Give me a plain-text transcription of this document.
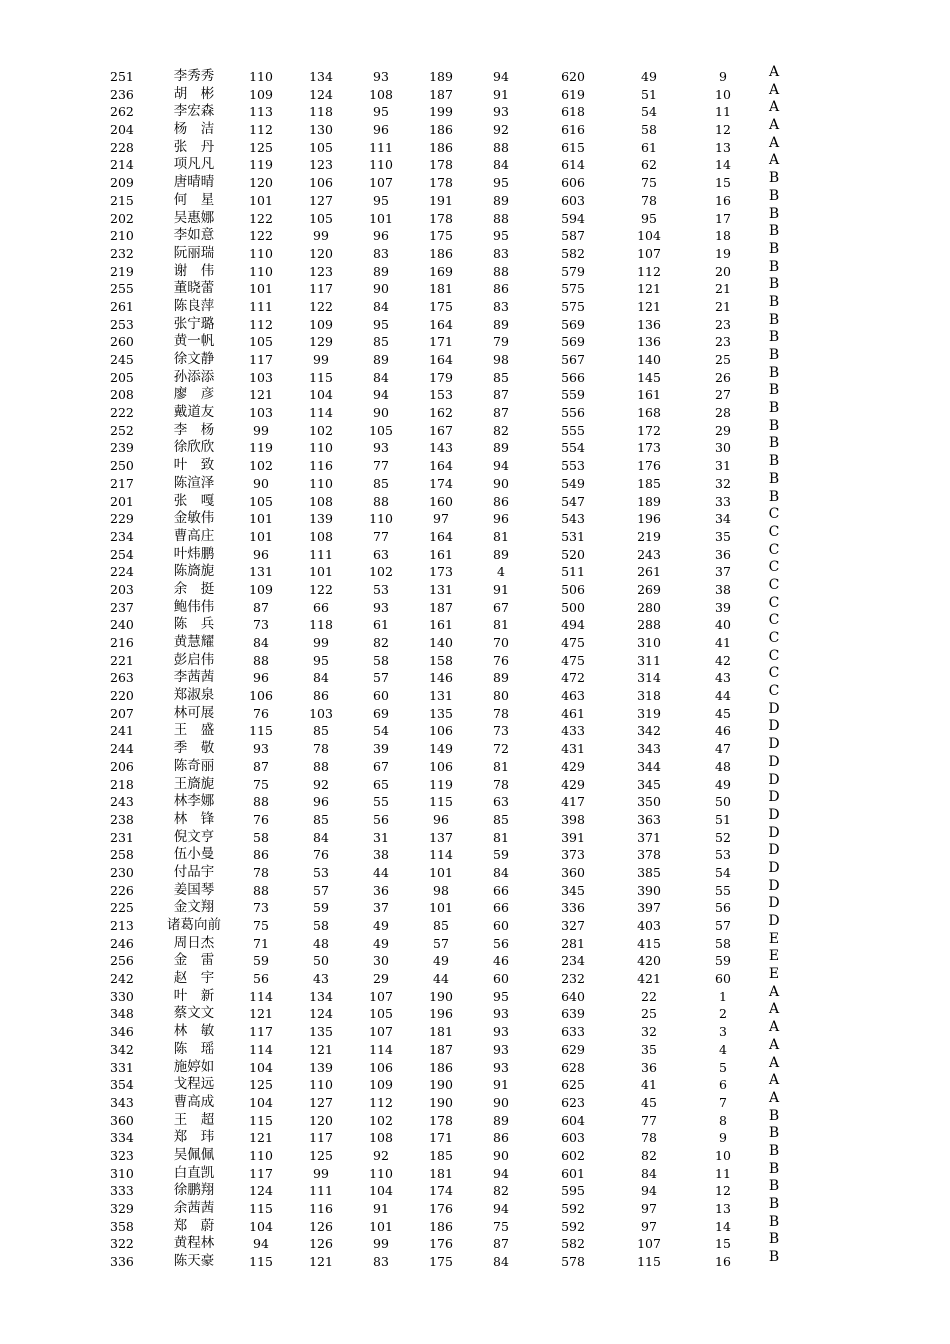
251	李秀秀	110	134	93	189	94	620	49	9	A
236	胡　彬	109	124	108	187	91	619	51	10	A
262	李宏森	113	118	95	199	93	618	54	11	A
204	杨　洁	112	130	96	186	92	616	58	12	A
228	张　丹	125	105	111	186	88	615	61	13	A
214	项凡凡	119	123	110	178	84	614	62	14	A
209	唐晴晴	120	106	107	178	95	606	75	15	B
215	何　星	101	127	95	191	89	603	78	16	B
202	吴惠娜	122	105	101	178	88	594	95	17	B
210	李如意	122	99	96	175	95	587	104	18	B
232	阮丽瑞	110	120	83	186	83	582	107	19	B
219	谢　伟	110	123	89	169	88	579	112	20	B
255	董晓蕾	101	117	90	181	86	575	121	21	B
261	陈良萍	111	122	84	175	83	575	121	21	B
253	张宁璐	112	109	95	164	89	569	136	23	B
260	黄一帆	105	129	85	171	79	569	136	23	B
245	徐文静	117	99	89	164	98	567	140	25	B
205	孙添添	103	115	84	179	85	566	145	26	B
208	廖　彦	121	104	94	153	87	559	161	27	B
222	戴道友	103	114	90	162	87	556	168	28	B
252	李　杨	99	102	105	167	82	555	172	29	B
239	徐欣欣	119	110	93	143	89	554	173	30	B
250	叶　致	102	116	77	164	94	553	176	31	B
217	陈渲泽	90	110	85	174	90	549	185	32	B
201	张　嘎	105	108	88	160	86	547	189	33	B
229	金敏伟	101	139	110	97	96	543	196	34	C
234	曹高庄	101	108	77	164	81	531	219	35	C
254	叶炜鹏	96	111	63	161	89	520	243	36	C
224	陈旖旎	131	101	102	173	4	511	261	37	C
203	余　挺	109	122	53	131	91	506	269	38	C
237	鲍伟伟	87	66	93	187	67	500	280	39	C
240	陈　兵	73	118	61	161	81	494	288	40	C
216	黄慧耀	84	99	82	140	70	475	310	41	C
221	彭启伟	88	95	58	158	76	475	311	42	C
263	李茜茜	96	84	57	146	89	472	314	43	C
220	郑淑泉	106	86	60	131	80	463	318	44	C
207	林可展	76	103	69	135	78	461	319	45	D
241	王　盛	115	85	54	106	73	433	342	46	D
244	季　敬	93	78	39	149	72	431	343	47	D
206	陈奇丽	87	88	67	106	81	429	344	48	D
218	王旖旎	75	92	65	119	78	429	345	49	D
243	林李娜	88	96	55	115	63	417	350	50	D
238	林　锋	76	85	56	96	85	398	363	51	D
231	倪文亨	58	84	31	137	81	391	371	52	D
258	伍小曼	86	76	38	114	59	373	378	53	D
230	付品宇	78	53	44	101	84	360	385	54	D
226	姜国琴	88	57	36	98	66	345	390	55	D
225	金文翔	73	59	37	101	66	336	397	56	D
213	诸葛向前	75	58	49	85	60	327	403	57	D
246	周日杰	71	48	49	57	56	281	415	58	E
256	金　雷	59	50	30	49	46	234	420	59	E
242	赵　宇	56	43	29	44	60	232	421	60	E
330	叶　新	114	134	107	190	95	640	22	1	A
348	蔡文文	121	124	105	196	93	639	25	2	A
346	林　敏	117	135	107	181	93	633	32	3	A
342	陈　瑶	114	121	114	187	93	629	35	4	A
331	施婷如	104	139	106	186	93	628	36	5	A
354	戈程远	125	110	109	190	91	625	41	6	A
343	曹高成	104	127	112	190	90	623	45	7	A
360	王　超	115	120	102	178	89	604	77	8	B
334	郑　玮	121	117	108	171	86	603	78	9	B
323	吴佩佩	110	125	92	185	90	602	82	10	B
310	白直凯	117	99	110	181	94	601	84	11	B
333	徐鹏翔	124	111	104	174	82	595	94	12	B
329	余茜茜	115	116	91	176	94	592	97	13	B
358	郑　蔚	104	126	101	186	75	592	97	14	B
322	黄程林	94	126	99	176	87	582	107	15	B
336	陈天豪	115	121	83	175	84	578	115	16	B
